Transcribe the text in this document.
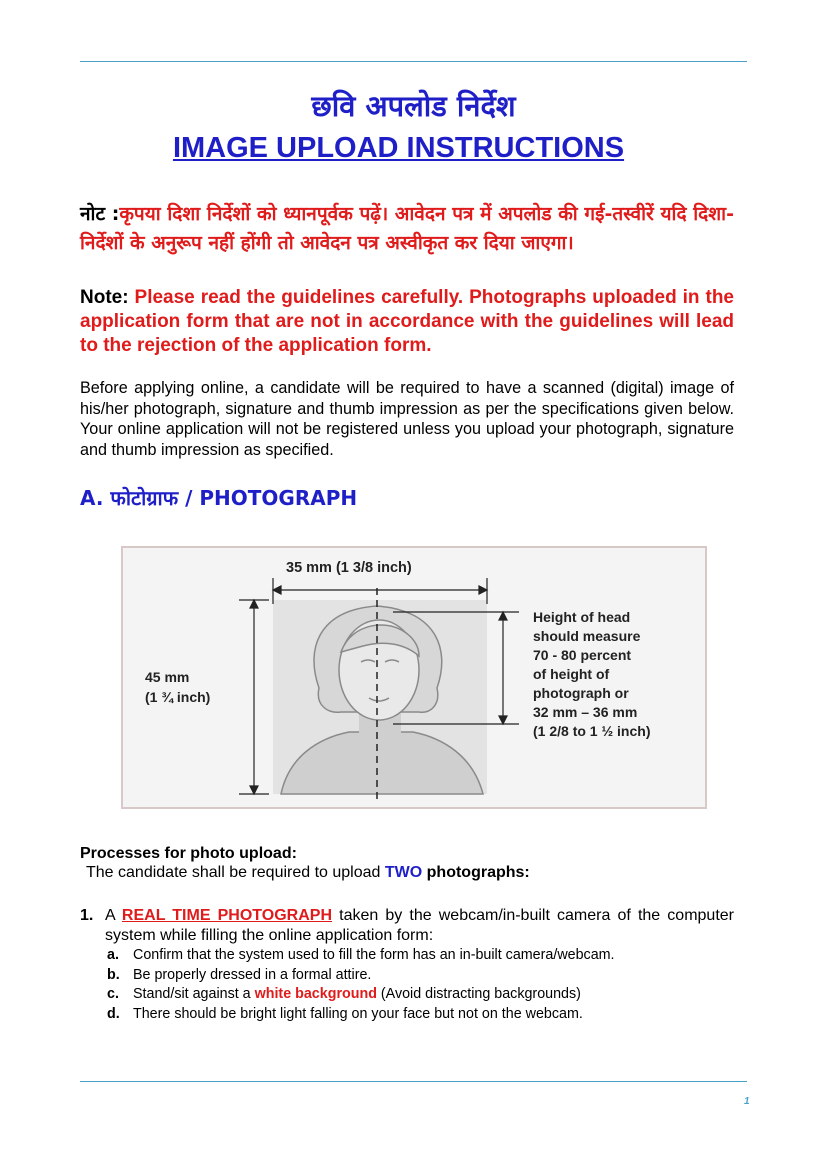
छवि अपलोड निर्देश
IMAGE UPLOAD INSTRUCTIONS
नोट :कृपया दिशा निर्देशों को ध्यानपूर्वक पढ़ें। आवेदन पत्र में अपलोड की गई-तस्वीरें यदि दिशा-निर्देशों के अनुरूप नहीं होंगी तो आवेदन पत्र अस्वीकृत कर दिया जाएगा।
Note: Please read the guidelines carefully. Photographs uploaded in the application form that are not in accordance with the guidelines will lead to the rejection of the application form.
Before applying online, a candidate will be required to have a scanned (digital) image of his/her photograph, signature and thumb impression as per the specifications given below. Your online application will not be registered unless you upload your photograph, signature and thumb impression as specified.
A. फोटोग्राफ / PHOTOGRAPH
35 mm (1 3/8 inch)
45 mm
(1 ¾ inch)
Height of head
should measure
70 - 80 percent
of height of
photograph or
32 mm – 36 mm
(1 2/8 to 1 ½ inch)
Processes for photo upload:
The candidate shall be required to upload TWO photographs:
1. A REAL TIME PHOTOGRAPH taken by the webcam/in-built camera of the computer system while filling the online application form:
a. Confirm that the system used to fill the form has an in-built camera/webcam.
b. Be properly dressed in a formal attire.
c. Stand/sit against a white background (Avoid distracting backgrounds)
d. There should be bright light falling on your face but not on the webcam.
1
